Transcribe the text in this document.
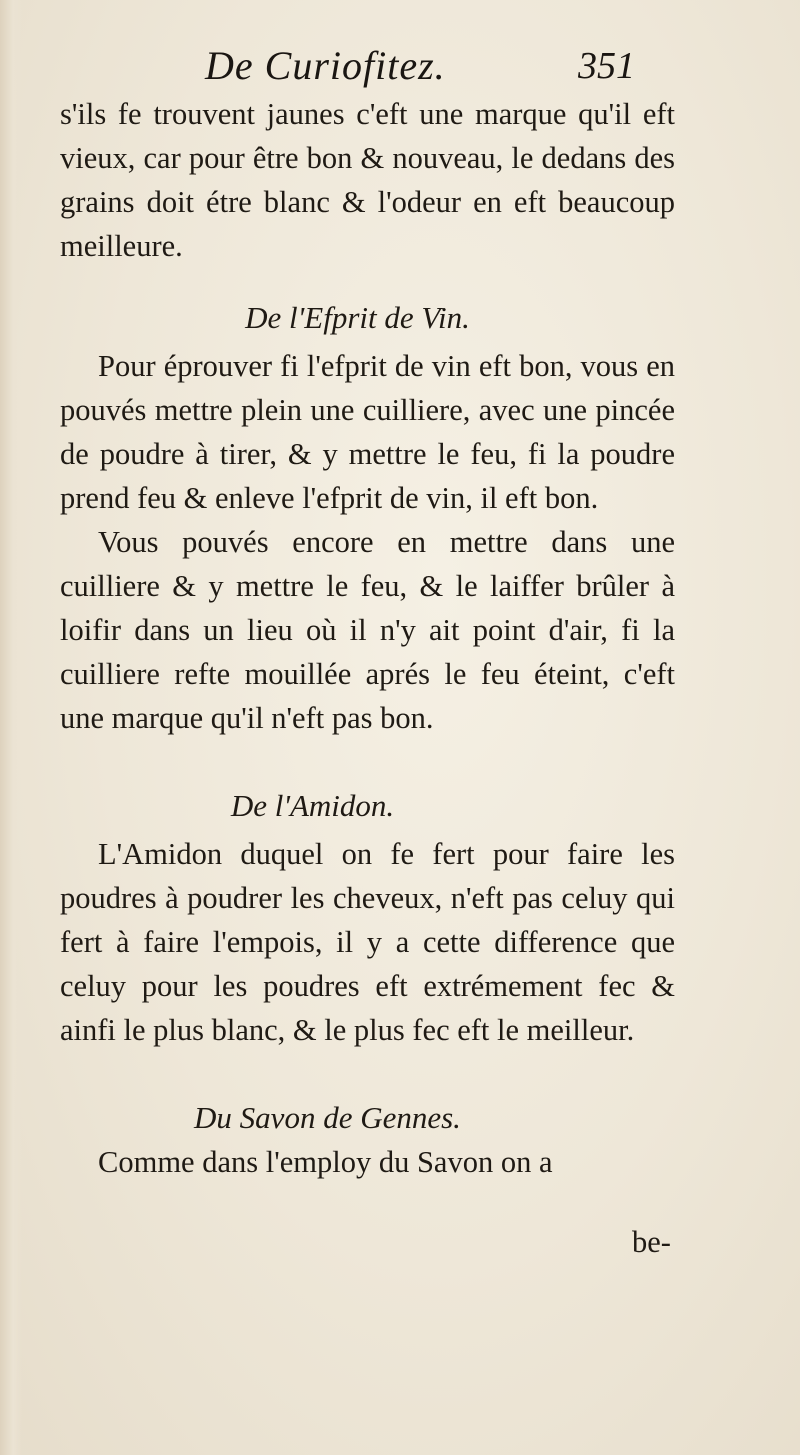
De Curiofitez.	351

s'ils fe trouvent jaunes c'eft une marque qu'il eft vieux, car pour être bon & nouveau, le dedans des grains doit étre blanc & l'odeur en eft beaucoup meilleure.

De l'Efprit de Vin.

Pour éprouver fi l'efprit de vin eft bon, vous en pouvés mettre plein une cuilliere, avec une pincée de poudre à tirer, & y mettre le feu, fi la poudre prend feu & enleve l'efprit de vin, il eft bon.

Vous pouvés encore en mettre dans une cuilliere & y mettre le feu, & le laiffer brûler à loifir dans un lieu où il n'y ait point d'air, fi la cuilliere refte mouillée aprés le feu éteint, c'eft une marque qu'il n'eft pas bon.

De l'Amidon.

L'Amidon duquel on fe fert pour faire les poudres à poudrer les cheveux, n'eft pas celuy qui fert à faire l'empois, il y a cette difference que celuy pour les poudres eft extrémement fec & ainfi le plus blanc, & le plus fec eft le meilleur.

Du Savon de Gennes.

Comme dans l'employ du Savon on a

be-
